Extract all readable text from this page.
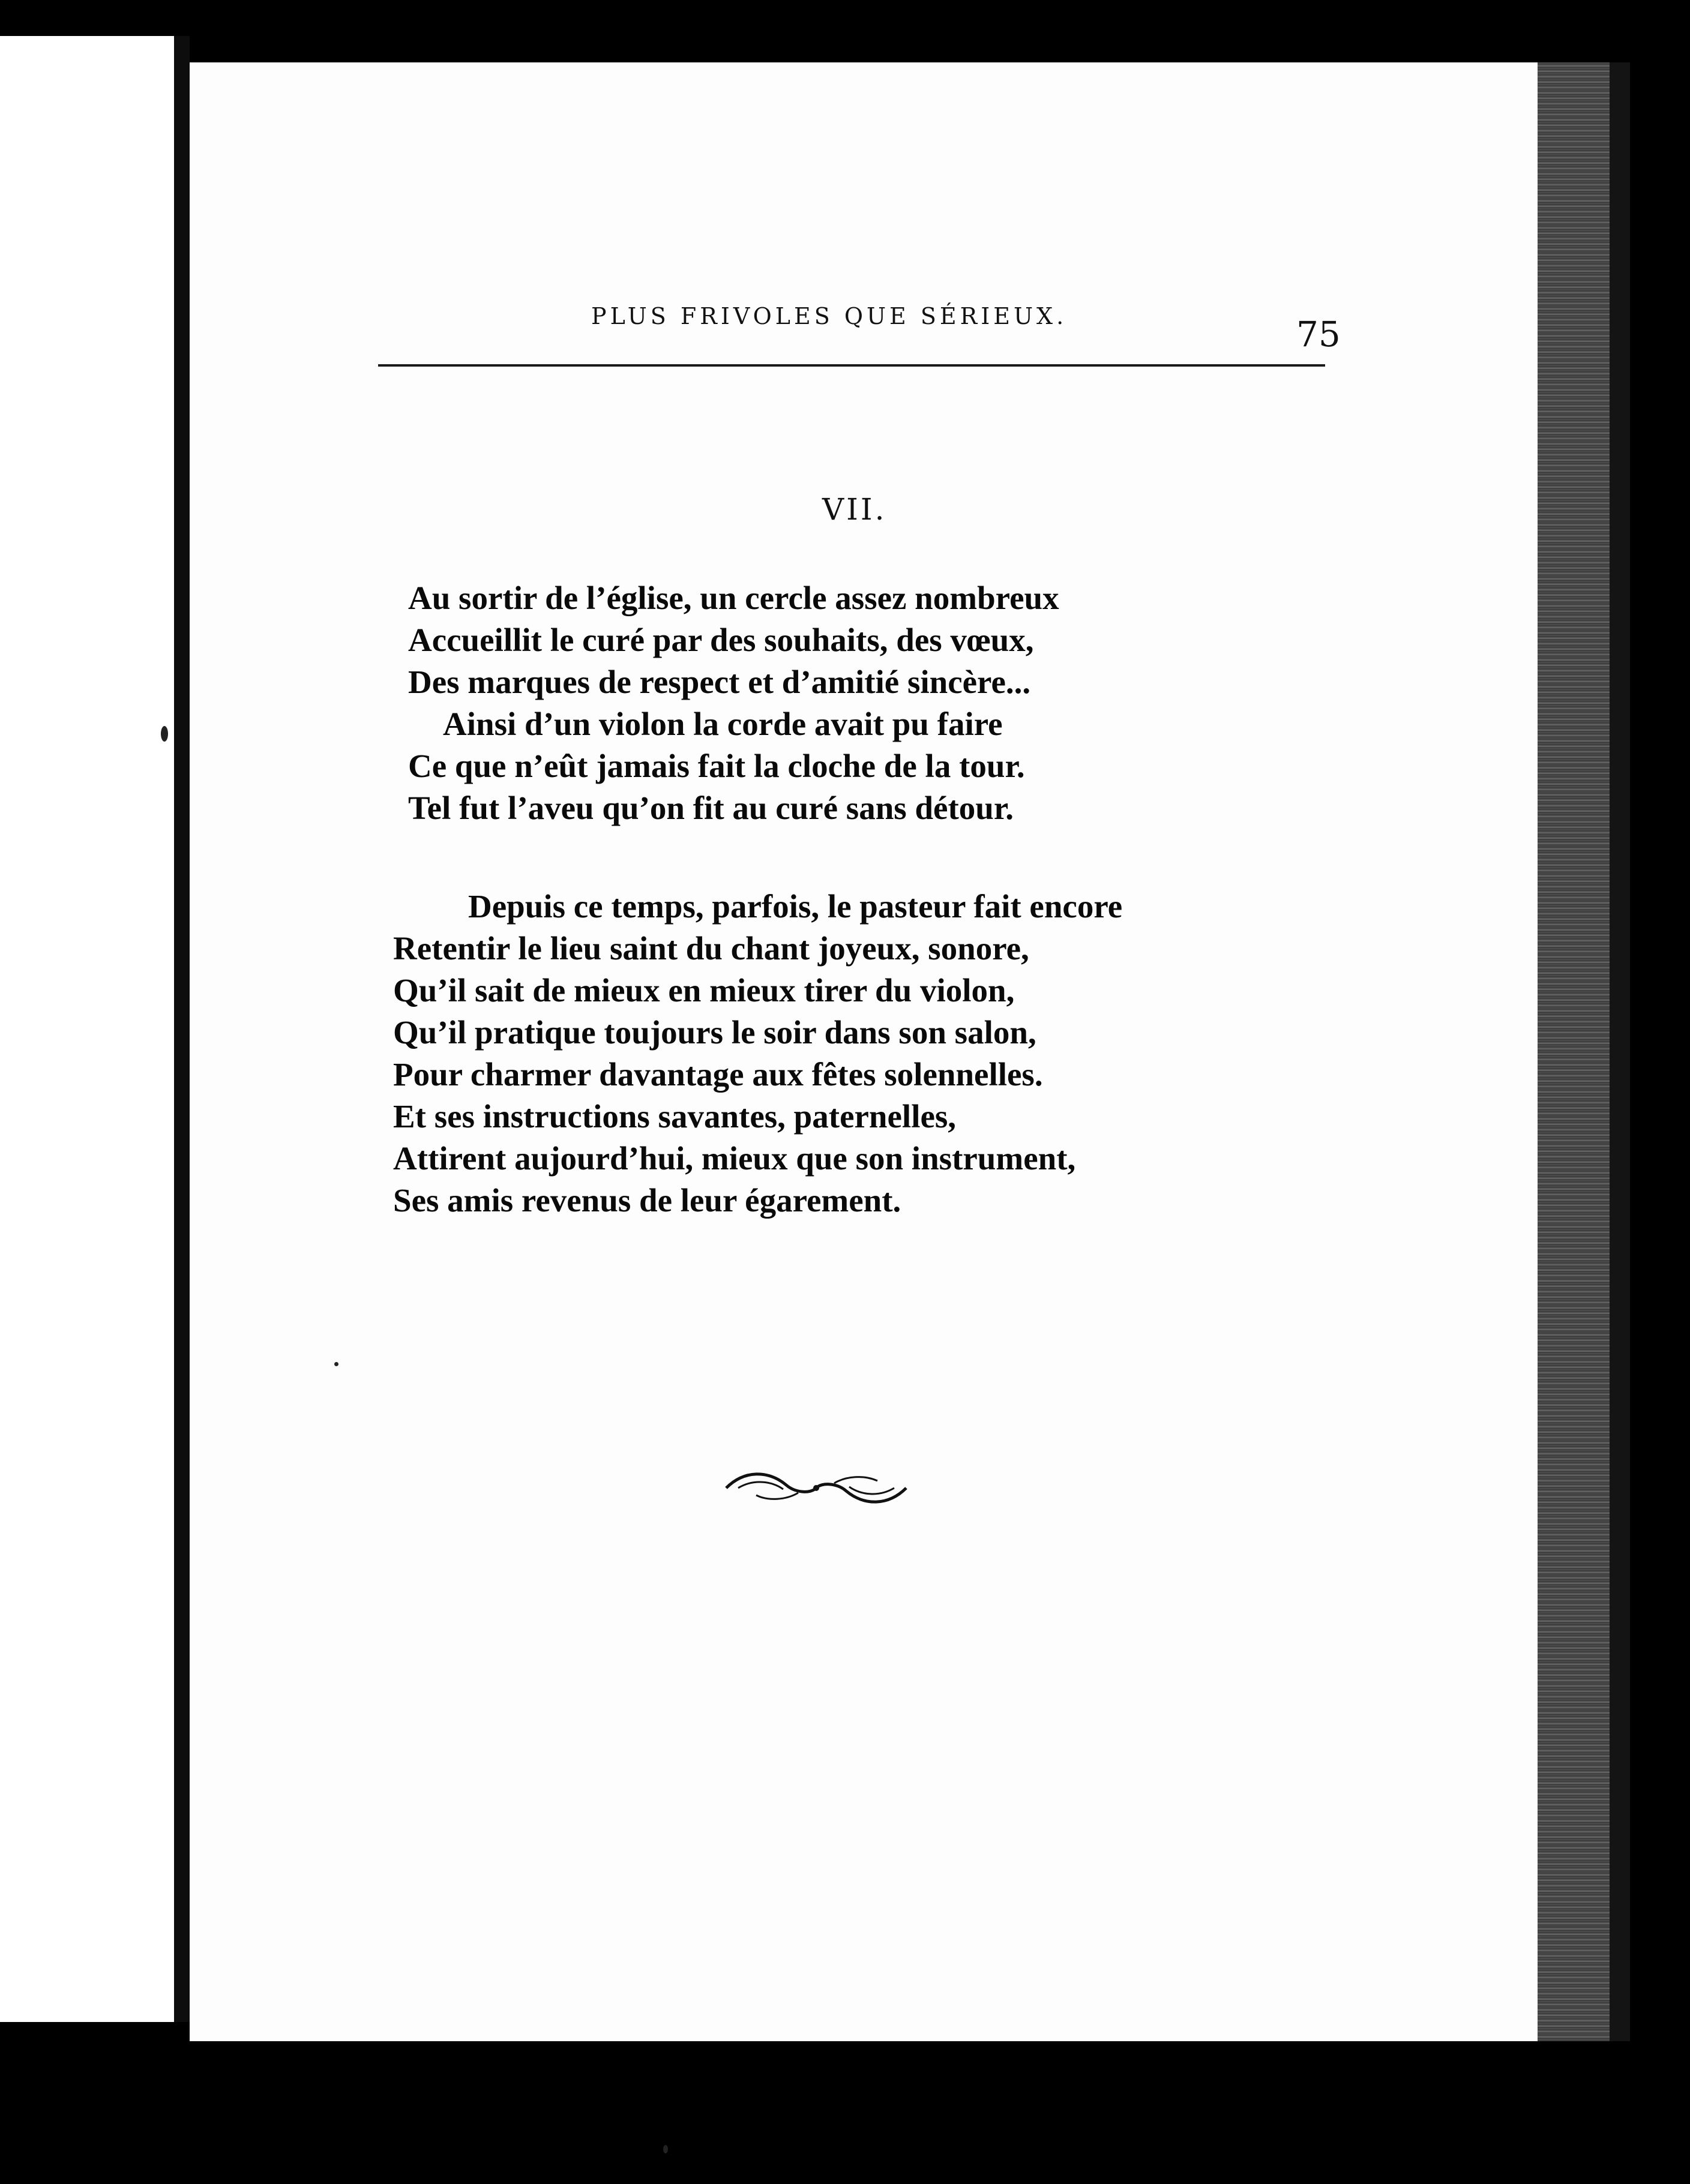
PLUS FRIVOLES QUE SÉRIEUX.	75
VII.
Au sortir de l’église, un cercle assez nombreux
Accueillit le curé par des souhaits, des vœux,
Des marques de respect et d’amitié sincère...
Ainsi d’un violon la corde avait pu faire
Ce que n’eût jamais fait la cloche de la tour.
Tel fut l’aveu qu’on fit au curé sans détour.
Depuis ce temps, parfois, le pasteur fait encore
Retentir le lieu saint du chant joyeux, sonore,
Qu’il sait de mieux en mieux tirer du violon,
Qu’il pratique toujours le soir dans son salon,
Pour charmer davantage aux fêtes solennelles.
Et ses instructions savantes, paternelles,
Attirent aujourd’hui, mieux que son instrument,
Ses amis revenus de leur égarement.
